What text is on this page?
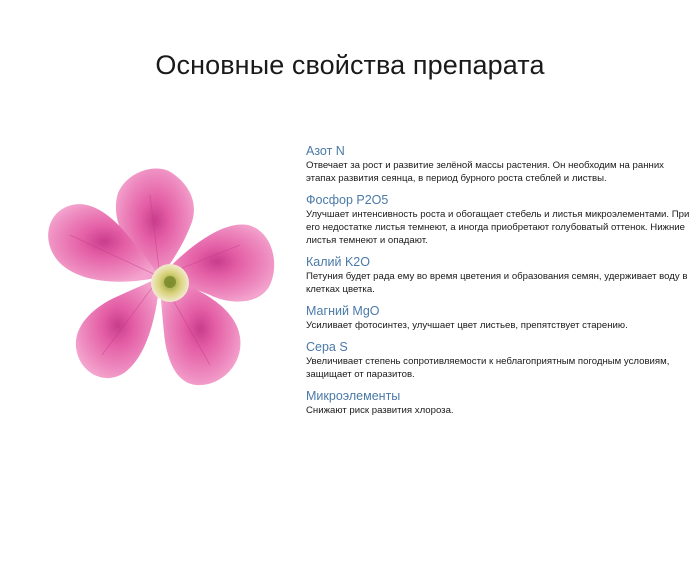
Основные свойства препарата

Азот N

Отвечает за рост и развитие зелёной массы растения. Он необходим на ранних этапах развития сеянца, в период бурного роста стеблей и листвы.

Фосфор P2O5

Улучшает интенсивность роста и обогащает стебель и листья микроэлементами. При его недостатке листья темнеют, а иногда приобретают голубоватый оттенок. Нижние листья темнеют и опадают.

Калий K2O

Петуния будет рада ему во время цветения и образования семян, удерживает воду в клетках цветка.

Магний MgO

Усиливает фотосинтез, улучшает цвет листьев, препятствует старению.

Сера S

Увеличивает степень сопротивляемости к неблагоприятным погодным условиям, защищает от паразитов.

Микроэлементы

Снижают риск развития хлороза.
